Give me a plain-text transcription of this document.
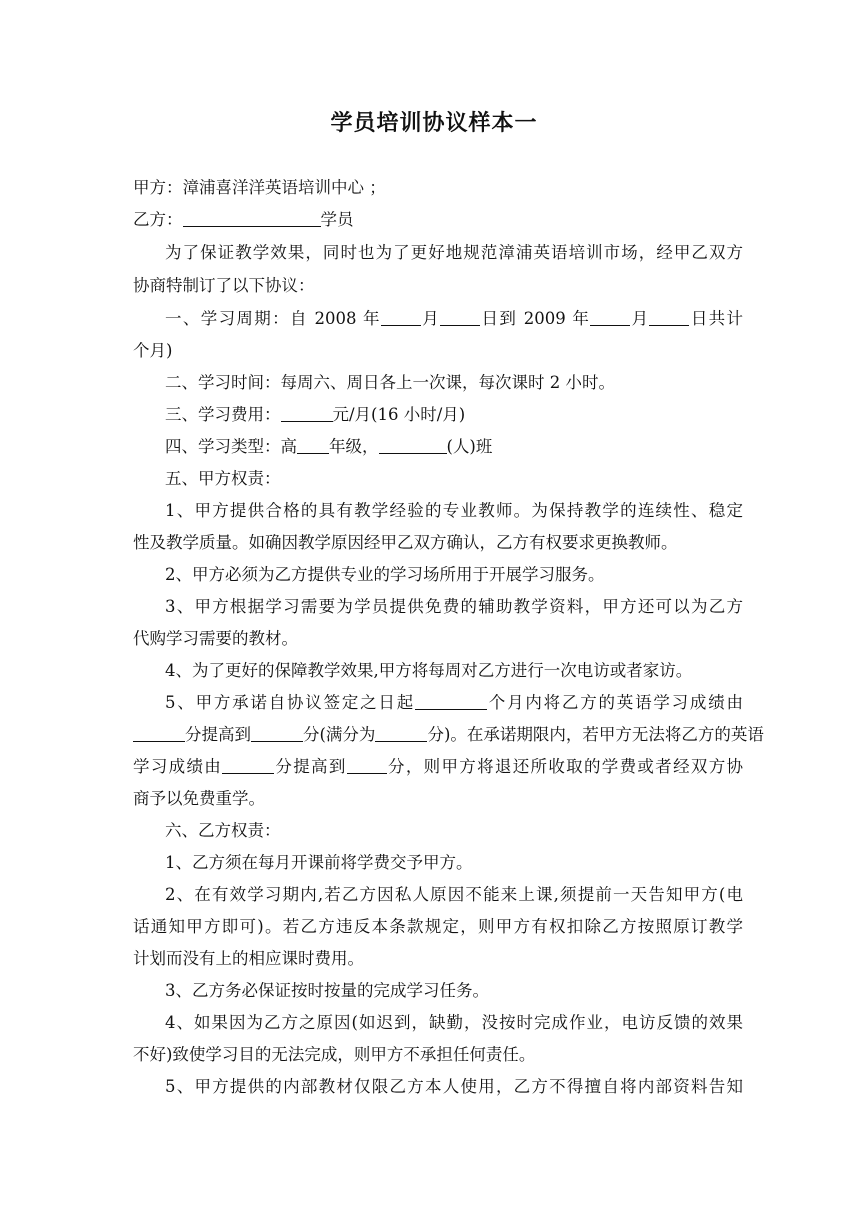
学员培训协议样本一
甲方：漳浦喜洋洋英语培训中心 ；
乙方：	学员
为了保证教学效果，同时也为了更好地规范漳浦英语培训市场，经甲乙双方
协商特制订了以下协议：
一、学习周期：自 2008 年 月 日到 2009 年 月 日共计
个月)
二、学习时间：每周六、周日各上一次课，每次课时 2 小时。
三、学习费用：	元/月(16 小时/月)
四、学习类型：高 年级，	(人)班
五、甲方权责：
1、甲方提供合格的具有教学经验的专业教师。为保持教学的连续性、稳定
性及教学质量。如确因教学原因经甲乙双方确认，乙方有权要求更换教师。
2、甲方必须为乙方提供专业的学习场所用于开展学习服务。
3、甲方根据学习需要为学员提供免费的辅助教学资料，甲方还可以为乙方
代购学习需要的教材。
4、为了更好的保障教学效果,甲方将每周对乙方进行一次电访或者家访。
5、甲方承诺自协议签定之日起	个月内将乙方的英语学习成绩由
分提高到	分(满分为	分)。在承诺期限内，若甲方无法将乙方的英语
学习成绩由	分提高到 分，则甲方将退还所收取的学费或者经双方协
商予以免费重学。
六、乙方权责：
1、乙方须在每月开课前将学费交予甲方。
2、在有效学习期内,若乙方因私人原因不能来上课,须提前一天告知甲方(电
话通知甲方即可)。若乙方违反本条款规定，则甲方有权扣除乙方按照原订教学
计划而没有上的相应课时费用。
3、乙方务必保证按时按量的完成学习任务。
4、如果因为乙方之原因(如迟到，缺勤，没按时完成作业，电访反馈的效果
不好)致使学习目的无法完成，则甲方不承担任何责任。
5、甲方提供的内部教材仅限乙方本人使用，乙方不得擅自将内部资料告知
